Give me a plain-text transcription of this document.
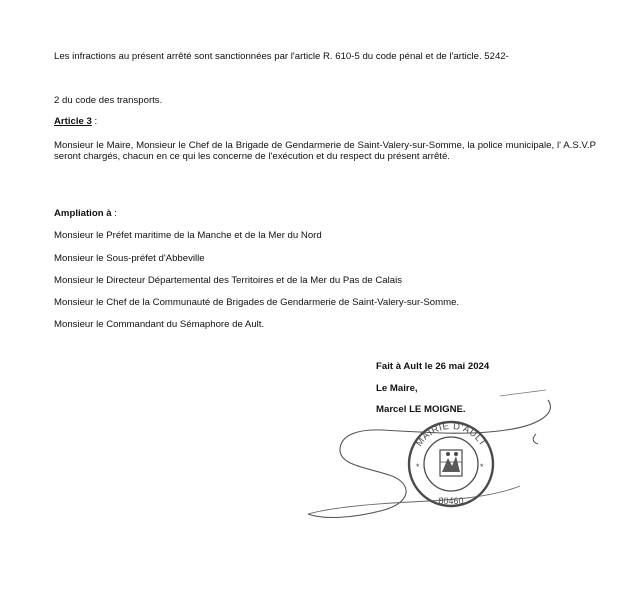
Les infractions au présent arrêté sont sanctionnées par l'article R. 610-5 du code pénal et de l'article. 5242-
2 du code des transports.
Article 3 :
Monsieur le Maire, Monsieur le Chef de la Brigade de Gendarmerie de Saint-Valery-sur-Somme, la police municipale, l' A.S.V.P seront chargés, chacun en ce qui les concerne de l'exécution et du respect du présent arrêté.
Ampliation à :
Monsieur le Préfet maritime de la Manche et de la Mer du Nord
Monsieur le Sous-préfet d'Abbeville
Monsieur le Directeur Départemental des Territoires et de la Mer du Pas de Calais
Monsieur le Chef de la Communauté de Brigades de Gendarmerie de Saint-Valery-sur-Somme.
Monsieur le Commandant du Sémaphore de Ault.
Fait à Ault le 26 mai 2024
Le Maire,
Marcel LE MOIGNE.
MAIRIE D'AULT
*	*
80460
